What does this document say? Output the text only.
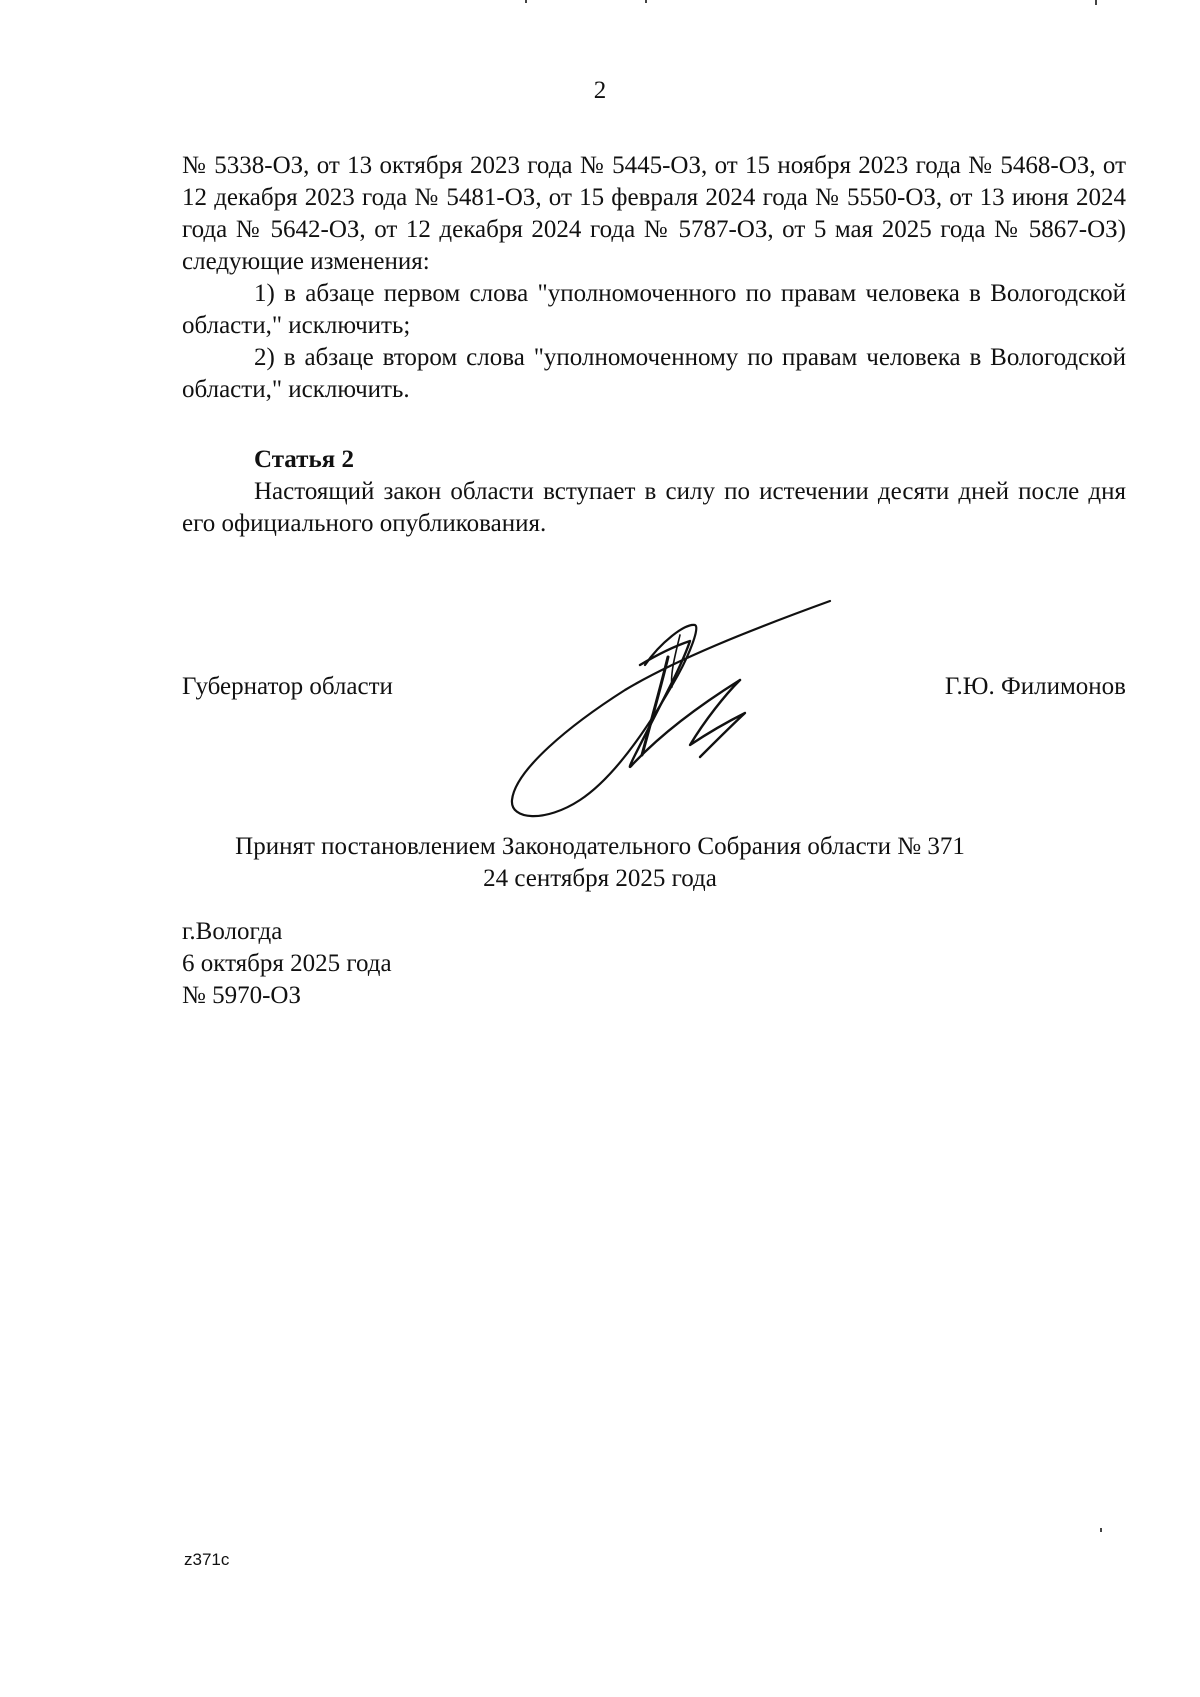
2

№ 5338-ОЗ, от 13 октября 2023 года № 5445-ОЗ, от 15 ноября 2023 года № 5468-ОЗ, от 12 декабря 2023 года № 5481-ОЗ, от 15 февраля 2024 года № 5550-ОЗ, от 13 июня 2024 года № 5642-ОЗ, от 12 декабря 2024 года № 5787-ОЗ, от 5 мая 2025 года № 5867-ОЗ) следующие изменения:

1) в абзаце первом слова "уполномоченного по правам человека в Вологодской области," исключить;

2) в абзаце втором слова "уполномоченному по правам человека в Вологодской области," исключить.

Статья 2

Настоящий закон области вступает в силу по истечении десяти дней после дня его официального опубликования.

Губернатор области	Г.Ю. Филимонов
Принят постановлением Законодательного Собрания области № 371
24 сентября 2025 года
г.Вологда
6 октября 2025 года
№ 5970-ОЗ
z371c
